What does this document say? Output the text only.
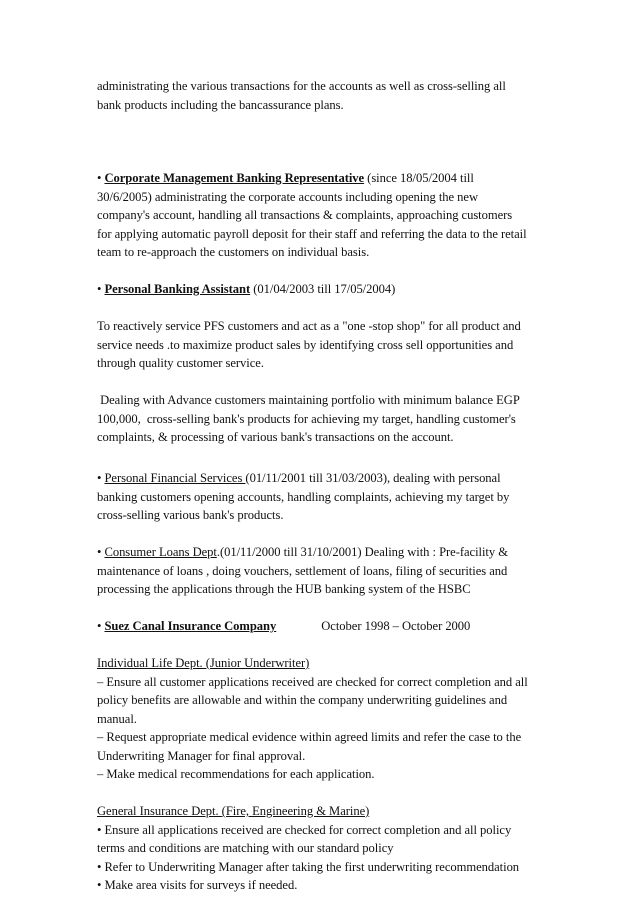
administrating the various transactions for the accounts as well as cross-selling all

bank products including the bancassurance plans.

• Corporate Management Banking Representative (since 18/05/2004 till

30/6/2005) administrating the corporate accounts including opening the new

company's account, handling all transactions & complaints, approaching customers

for applying automatic payroll deposit for their staff and referring the data to the retail

team to re-approach the customers on individual basis.

• Personal Banking Assistant (01/04/2003 till 17/05/2004)

To reactively service PFS customers and act as a "one -stop shop" for all product and

service needs .to maximize product sales by identifying cross sell opportunities and

through quality customer service.

Dealing with Advance customers maintaining portfolio with minimum balance EGP

100,000,  cross-selling bank's products for achieving my target, handling customer's

complaints, & processing of various bank's transactions on the account.

• Personal Financial Services (01/11/2001 till 31/03/2003), dealing with personal

banking customers opening accounts, handling complaints, achieving my target by

cross-selling various bank's products.

• Consumer Loans Dept.(01/11/2000 till 31/10/2001) Dealing with : Pre-facility &

maintenance of loans , doing vouchers, settlement of loans, filing of securities and

processing the applications through the HUB banking system of the HSBC

• Suez Canal Insurance Company	October 1998 – October 2000

Individual Life Dept. (Junior Underwriter)

– Ensure all customer applications received are checked for correct completion and all

policy benefits are allowable and within the company underwriting guidelines and

manual.

– Request appropriate medical evidence within agreed limits and refer the case to the

Underwriting Manager for final approval.

– Make medical recommendations for each application.

General Insurance Dept. (Fire, Engineering & Marine)

• Ensure all applications received are checked for correct completion and all policy

terms and conditions are matching with our standard policy

• Refer to Underwriting Manager after taking the first underwriting recommendation

• Make area visits for surveys if needed.
